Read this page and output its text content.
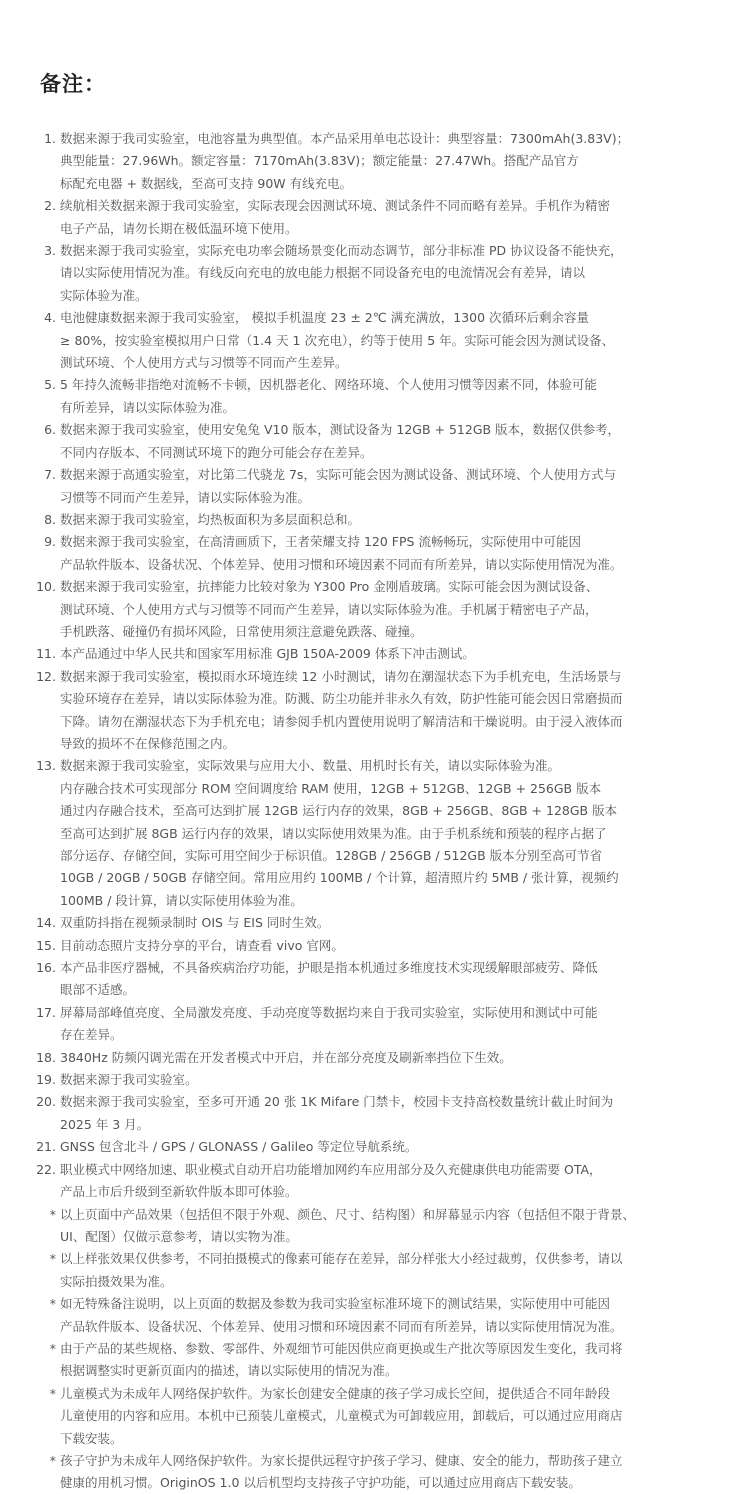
备注：
1. 数据来源于我司实验室，电池容量为典型值。本产品采用单电芯设计：典型容量：7300mAh(3.83V)；
典型能量：27.96Wh。额定容量：7170mAh(3.83V)；额定能量：27.47Wh。搭配产品官方
标配充电器 + 数据线，至高可支持 90W 有线充电。
2. 续航相关数据来源于我司实验室，实际表现会因测试环境、测试条件不同而略有差异。手机作为精密
电子产品，请勿长期在极低温环境下使用。
3. 数据来源于我司实验室，实际充电功率会随场景变化而动态调节，部分非标准 PD 协议设备不能快充，
请以实际使用情况为准。有线反向充电的放电能力根据不同设备充电的电流情况会有差异，请以
实际体验为准。
4. 电池健康数据来源于我司实验室， 模拟手机温度 23 ± 2℃ 满充满放，1300 次循环后剩余容量
≥ 80%，按实验室模拟用户日常（1.4 天 1 次充电），约等于使用 5 年。实际可能会因为测试设备、
测试环境、个人使用方式与习惯等不同而产生差异。
5. 5 年持久流畅非指绝对流畅不卡顿，因机器老化、网络环境、个人使用习惯等因素不同，体验可能
有所差异，请以实际体验为准。
6. 数据来源于我司实验室，使用安兔兔 V10 版本，测试设备为 12GB + 512GB 版本，数据仅供参考，
不同内存版本、不同测试环境下的跑分可能会存在差异。
7. 数据来源于高通实验室，对比第二代骁龙 7s，实际可能会因为测试设备、测试环境、个人使用方式与
习惯等不同而产生差异，请以实际体验为准。
8. 数据来源于我司实验室，均热板面积为多层面积总和。
9. 数据来源于我司实验室，在高清画质下，王者荣耀支持 120 FPS 流畅畅玩，实际使用中可能因
产品软件版本、设备状况、个体差异、使用习惯和环境因素不同而有所差异，请以实际使用情况为准。
10. 数据来源于我司实验室，抗摔能力比较对象为 Y300 Pro 金刚盾玻璃。实际可能会因为测试设备、
测试环境、个人使用方式与习惯等不同而产生差异，请以实际体验为准。手机属于精密电子产品，
手机跌落、碰撞仍有损坏风险，日常使用须注意避免跌落、碰撞。
11. 本产品通过中华人民共和国家军用标准 GJB 150A-2009 体系下冲击测试。
12. 数据来源于我司实验室，模拟雨水环境连续 12 小时测试，请勿在潮湿状态下为手机充电，生活场景与
实验环境存在差异，请以实际体验为准。防溅、防尘功能并非永久有效，防护性能可能会因日常磨损而
下降。请勿在潮湿状态下为手机充电；请参阅手机内置使用说明了解清洁和干燥说明。由于浸入液体而
导致的损坏不在保修范围之内。
13. 数据来源于我司实验室，实际效果与应用大小、数量、用机时长有关，请以实际体验为准。
内存融合技术可实现部分 ROM 空间调度给 RAM 使用，12GB + 512GB、12GB + 256GB 版本
通过内存融合技术，至高可达到扩展 12GB 运行内存的效果，8GB + 256GB、8GB + 128GB 版本
至高可达到扩展 8GB 运行内存的效果，请以实际使用效果为准。由于手机系统和预装的程序占据了
部分运存、存储空间，实际可用空间少于标识值。128GB / 256GB / 512GB 版本分别至高可节省
10GB / 20GB / 50GB 存储空间。常用应用约 100MB / 个计算，超清照片约 5MB / 张计算，视频约
100MB / 段计算，请以实际使用体验为准。
14. 双重防抖指在视频录制时 OIS 与 EIS 同时生效。
15. 目前动态照片支持分享的平台，请查看 vivo 官网。
16. 本产品非医疗器械，不具备疾病治疗功能，护眼是指本机通过多维度技术实现缓解眼部疲劳、降低
眼部不适感。
17. 屏幕局部峰值亮度、全局激发亮度、手动亮度等数据均来自于我司实验室，实际使用和测试中可能
存在差异。
18. 3840Hz 防频闪调光需在开发者模式中开启，并在部分亮度及刷新率挡位下生效。
19. 数据来源于我司实验室。
20. 数据来源于我司实验室，至多可开通 20 张 1K Mifare 门禁卡，校园卡支持高校数量统计截止时间为
2025 年 3 月。
21. GNSS 包含北斗 / GPS / GLONASS / Galileo 等定位导航系统。
22. 职业模式中网络加速、职业模式自动开启功能增加网约车应用部分及久充健康供电功能需要 OTA，
产品上市后升级到至新软件版本即可体验。
* 以上页面中产品效果（包括但不限于外观、颜色、尺寸、结构图）和屏幕显示内容（包括但不限于背景、
UI、配图）仅做示意参考，请以实物为准。
* 以上样张效果仅供参考，不同拍摄模式的像素可能存在差异，部分样张大小经过裁剪，仅供参考，请以
实际拍摄效果为准。
* 如无特殊备注说明，以上页面的数据及参数为我司实验室标准环境下的测试结果，实际使用中可能因
产品软件版本、设备状况、个体差异、使用习惯和环境因素不同而有所差异，请以实际使用情况为准。
* 由于产品的某些规格、参数、零部件、外观细节可能因供应商更换或生产批次等原因发生变化，我司将
根据调整实时更新页面内的描述，请以实际使用的情况为准。
* 儿童模式为未成年人网络保护软件。为家长创建安全健康的孩子学习成长空间，提供适合不同年龄段
儿童使用的内容和应用。本机中已预装儿童模式，儿童模式为可卸载应用，卸载后，可以通过应用商店
下载安装。
* 孩子守护为未成年人网络保护软件。为家长提供远程守护孩子学习、健康、安全的能力，帮助孩子建立
健康的用机习惯。OriginOS 1.0 以后机型均支持孩子守护功能，可以通过应用商店下载安装。
